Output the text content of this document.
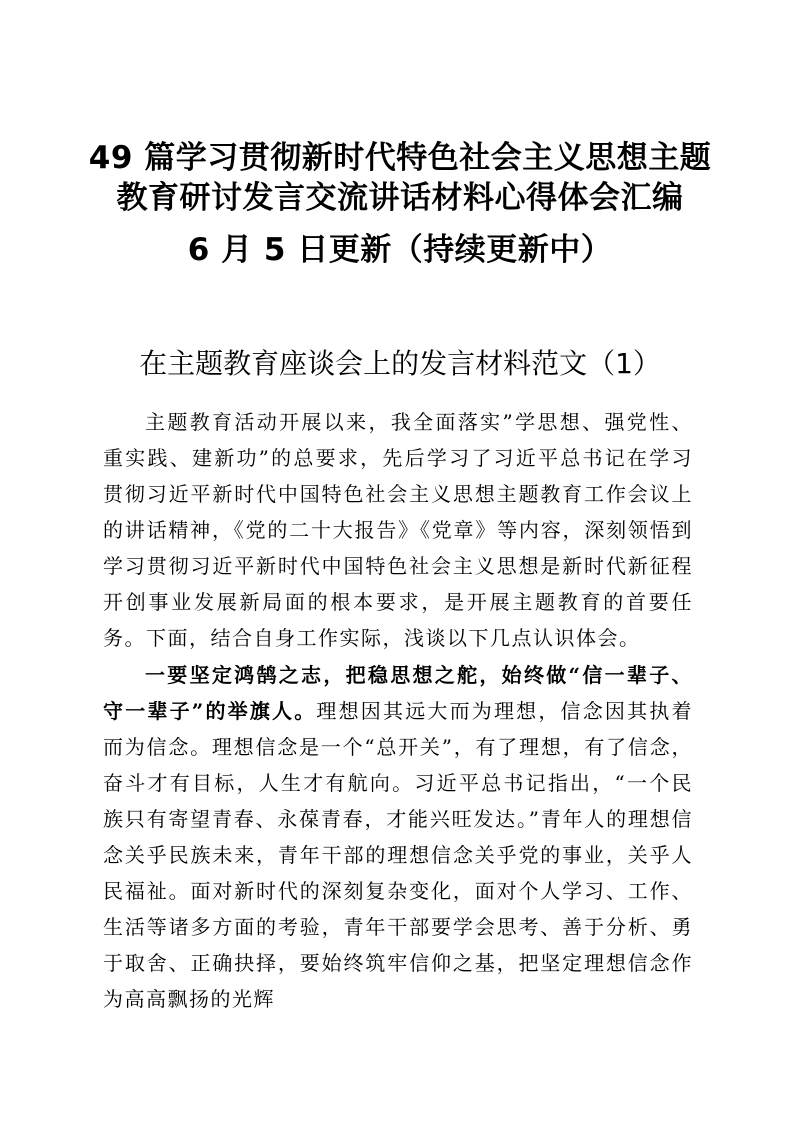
49 篇学习贯彻新时代特色社会主义思想主题
教育研讨发言交流讲话材料心得体会汇编
6 月 5 日更新（持续更新中）
在主题教育座谈会上的发言材料范文（1）

主题教育活动开展以来，我全面落实”学思想、强党性、重实践、建新功”的总要求，先后学习了习近平总书记在学习贯彻习近平新时代中国特色社会主义思想主题教育工作会议上的讲话精神，《党的二十大报告》《党章》等内容，深刻领悟到学习贯彻习近平新时代中国特色社会主义思想是新时代新征程开创事业发展新局面的根本要求，是开展主题教育的首要任务。下面，结合自身工作实际，浅谈以下几点认识体会。

一要坚定鸿鹄之志，把稳思想之舵，始终做“信一辈子、守一辈子”的举旗人。理想因其远大而为理想，信念因其执着而为信念。理想信念是一个“总开关”，有了理想，有了信念，奋斗才有目标，人生才有航向。习近平总书记指出，“一个民族只有寄望青春、永葆青春，才能兴旺发达。”青年人的理想信念关乎民族未来，青年干部的理想信念关乎党的事业，关乎人民福祉。面对新时代的深刻复杂变化，面对个人学习、工作、生活等诸多方面的考验，青年干部要学会思考、善于分析、勇于取舍、正确抉择，要始终筑牢信仰之基，把坚定理想信念作为高高飘扬的光辉
